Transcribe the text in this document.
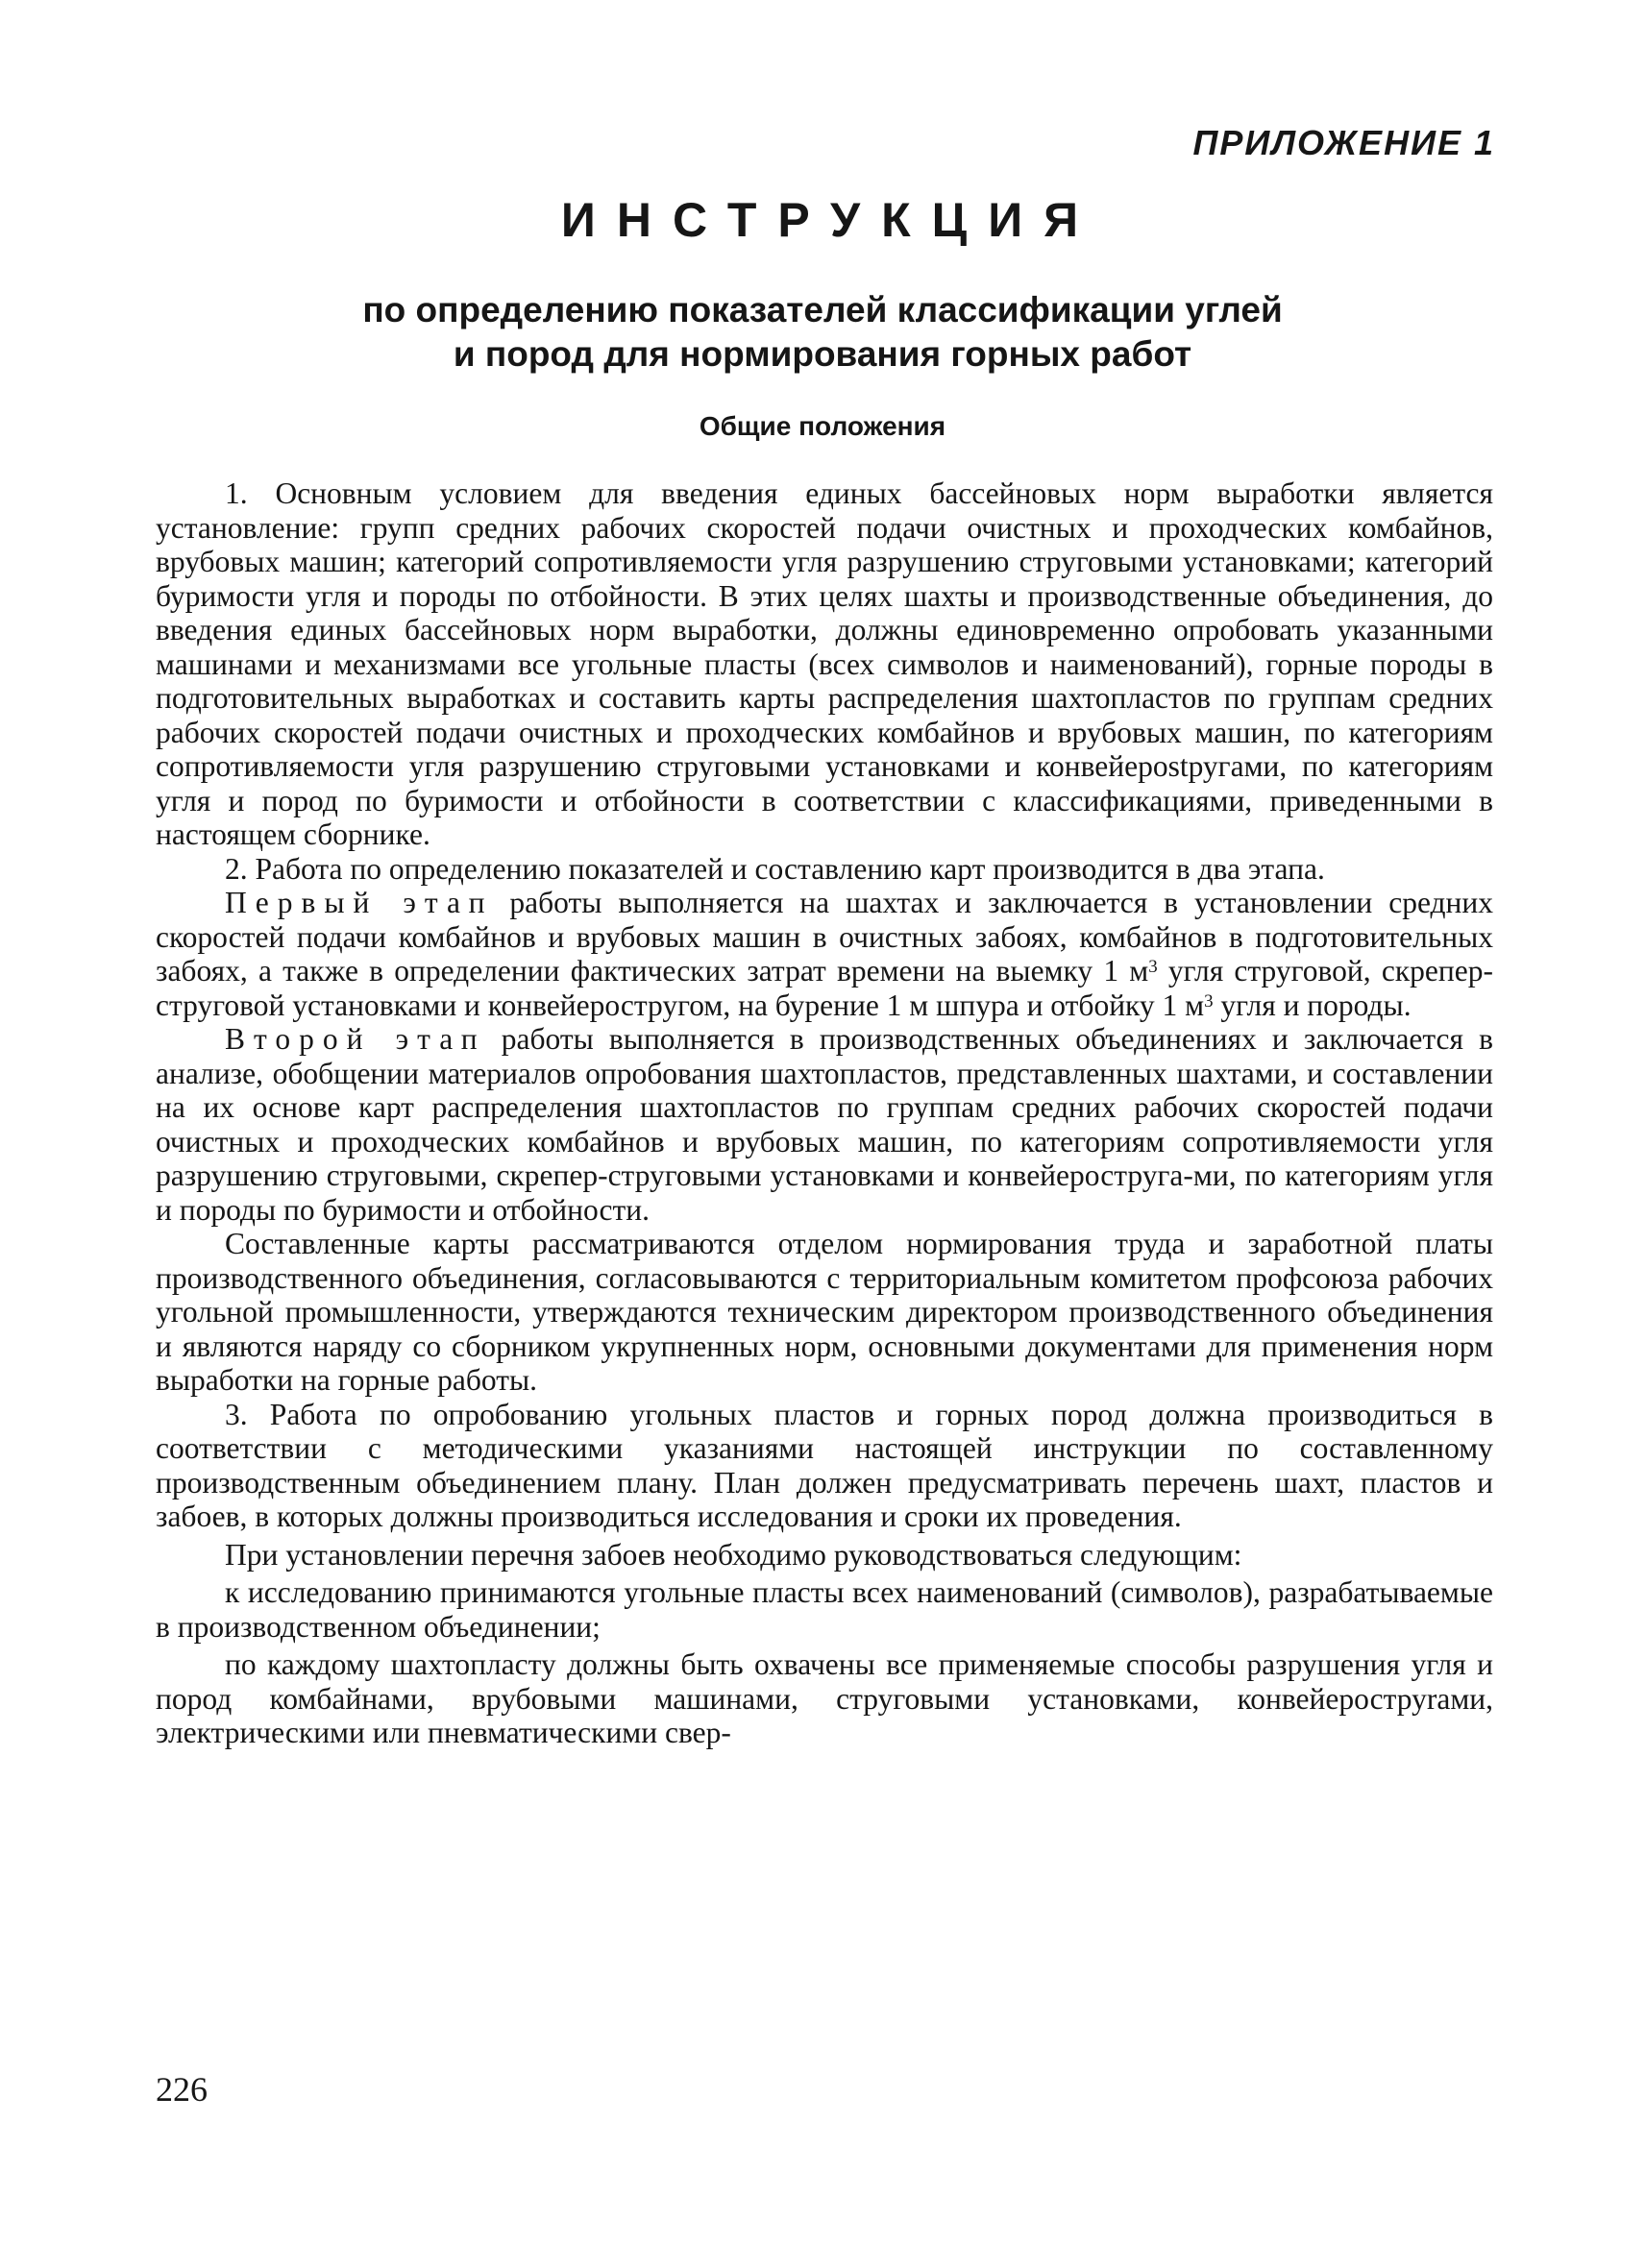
ПРИЛОЖЕНИЕ 1
ИНСТРУКЦИЯ
по определению показателей классификации углей
и пород для нормирования горных работ
Общие положения

1. Основным условием для введения единых бассейновых норм выработки является установление: групп средних рабочих скоростей подачи очистных и проходческих комбайнов, врубовых машин; категорий сопротивляемости угля разрушению струговыми установками; категорий буримости угля и породы по отбойности. В этих целях шахты и производственные объединения, до введения единых бассейновых норм выработки, должны единовременно опробовать указанными машинами и механизмами все угольные пласты (всех символов и наименований), горные породы в подготовительных выработках и составить карты распределения шахтопластов по группам средних рабочих скоростей подачи очистных и проходческих комбайнов и врубовых машин, по категориям сопротивляемости угля разрушению струговыми установками и конвейерostругами, по категориям угля и пород по буримости и отбойности в соответствии с классификациями, приведенными в настоящем сборнике.

2. Работа по определению показателей и составлению карт производится в два этапа.

Первый этап работы выполняется на шахтах и заключается в установлении средних скоростей подачи комбайнов и врубовых машин в очистных забоях, комбайнов в подготовительных забоях, а также в определении фактических затрат времени на выемку 1 $м^3$ угля струговой, скрепер-струговой установками и конвейеростругом, на бурение 1 м шпура и отбойку 1 $м^3$ угля и породы.

Второй этап работы выполняется в производственных объединениях и заключается в анализе, обобщении материалов опробования шахтопластов, представленных шахтами, и составлении на их основе карт распределения шахтопластов по группам средних рабочих скоростей подачи очистных и проходческих комбайнов и врубовых машин, по категориям сопротивляемости угля разрушению струговыми, скрепер-струговыми установками и конвейероструга-ми, по категориям угля и породы по буримости и отбойности.

Составленные карты рассматриваются отделом нормирования труда и заработной платы производственного объединения, согласовываются с территориальным комитетом профсоюза рабочих угольной промышленности, утверждаются техническим директором производственного объединения и являются наряду со сборником укрупненных норм, основными документами для применения норм выработки на горные работы.

3. Работа по опробованию угольных пластов и горных пород должна производиться в соответствии с методическими указаниями настоящей инструкции по составленному производственным объединением плану. План должен предусматривать перечень шахт, пластов и забоев, в которых должны производиться исследования и сроки их проведения.

При установлении перечня забоев необходимо руководствоваться следующим:

к исследованию принимаются угольные пласты всех наименований (символов), разрабатываемые в производственном объединении;

по каждому шахтопласту должны быть охвачены все применяемые способы разрушения угля и пород комбайнами, врубовыми машинами, струговыми установками, конвейероструrами, электрическими или пневматическими свер-

226
